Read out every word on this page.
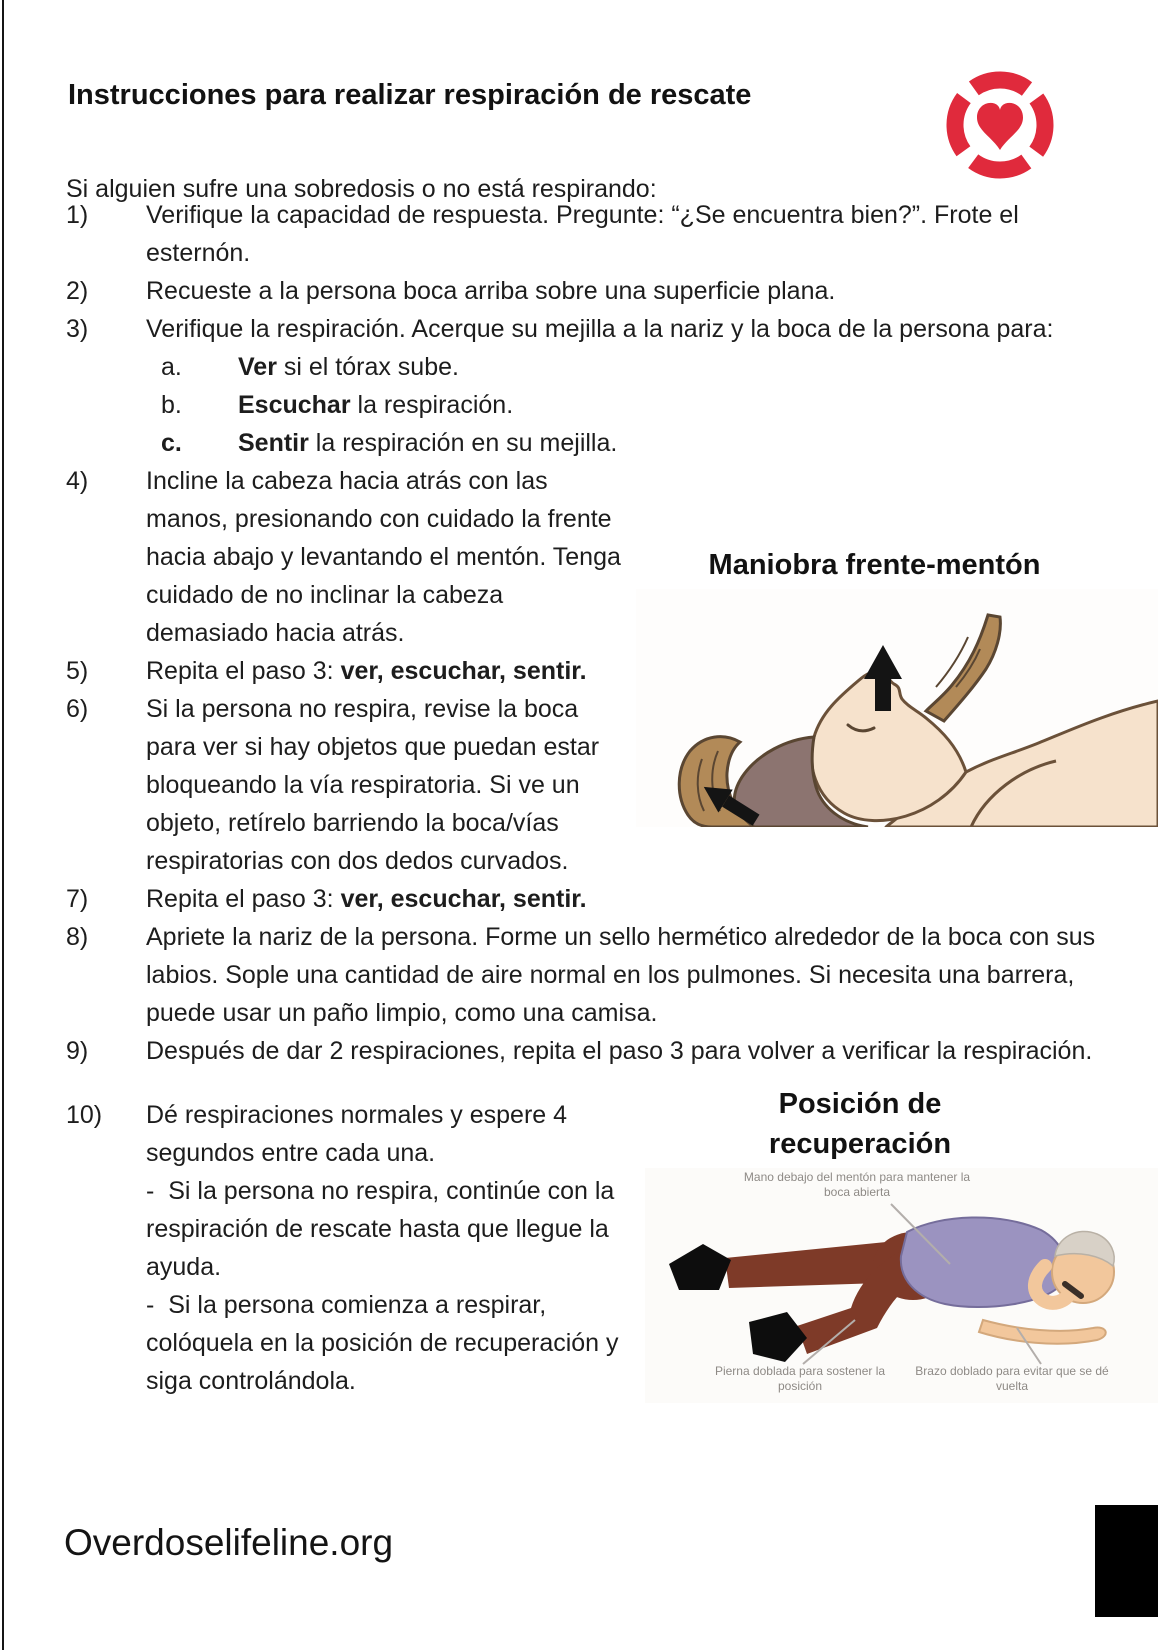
Instrucciones para realizar respiración de rescate

Si alguien sufre una sobredosis o no está respirando:

1) Verifique la capacidad de respuesta. Pregunte: “¿Se encuentra bien?”. Frote el esternón.
2) Recueste a la persona boca arriba sobre una superficie plana.
3) Verifique la respiración. Acerque su mejilla a la nariz y la boca de la persona para:
a. Ver si el tórax sube.
b. Escuchar la respiración.
c. Sentir la respiración en su mejilla.
Maniobra frente-mentón
4) Incline la cabeza hacia atrás con las manos, presionando con cuidado la frente hacia abajo y levantando el mentón. Tenga cuidado de no inclinar la cabeza demasiado hacia atrás.
5) Repita el paso 3: ver, escuchar, sentir.
6) Si la persona no respira, revise la boca para ver si hay objetos que puedan estar bloqueando la vía respiratoria. Si ve un objeto, retírelo barriendo la boca/vías respiratorias con dos dedos curvados.
7) Repita el paso 3: ver, escuchar, sentir.
8) Apriete la nariz de la persona. Forme un sello hermético alrededor de la boca con sus labios. Sople una cantidad de aire normal en los pulmones. Si necesita una barrera, puede usar un paño limpio, como una camisa.
9) Después de dar 2 respiraciones, repita el paso 3 para volver a verificar la respiración.
Posición de recuperación
Mano debajo del mentón para mantener la boca abierta
Pierna doblada para sostener la posición
Brazo doblado para evitar que se dé vuelta
10) Dé respiraciones normales y espere 4 segundos entre cada una.
-  Si la persona no respira, continúe con la respiración de rescate hasta que llegue la ayuda.
-  Si la persona comienza a respirar, colóquela en la posición de recuperación y siga controlándola.
Overdoselifeline.org
